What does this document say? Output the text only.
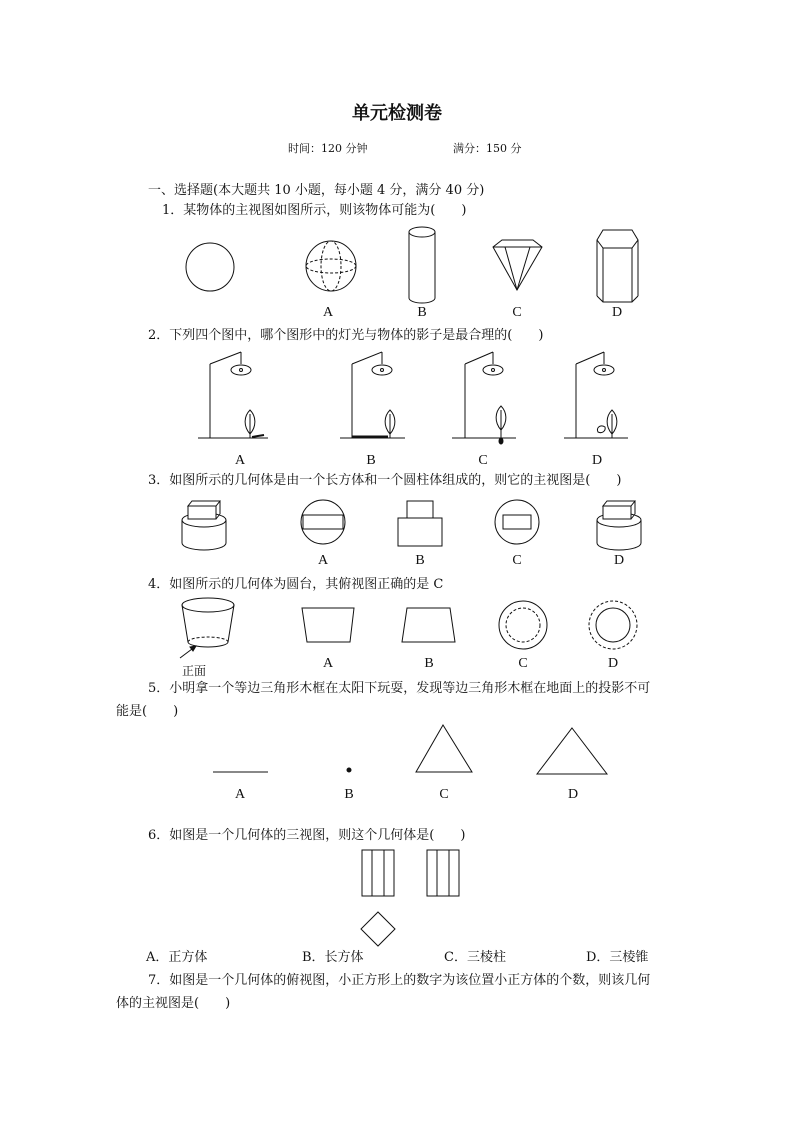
单元检测卷
时间：120 分钟	满分：150 分
一、选择题(本大题共 10 小题，每小题 4 分，满分 40 分)
1．某物体的主视图如图所示，则该物体可能为(　　)
A	B	C	D
2．下列四个图中，哪个图形中的灯光与物体的影子是最合理的(　　)
A	B	C	D
3．如图所示的几何体是由一个长方体和一个圆柱体组成的，则它的主视图是(　　)
A	B	C	D
4．如图所示的几何体为圆台，其俯视图正确的是 C
正面	A	B	C	D
5．小明拿一个等边三角形木框在太阳下玩耍，发现等边三角形木框在地面上的投影不可
能是(　　)
A	B	C	D
6．如图是一个几何体的三视图，则这个几何体是(　　)
A．正方体	B．长方体	C．三棱柱	D．三棱锥
7．如图是一个几何体的俯视图，小正方形上的数字为该位置小正方体的个数，则该几何
体的主视图是(　　)
